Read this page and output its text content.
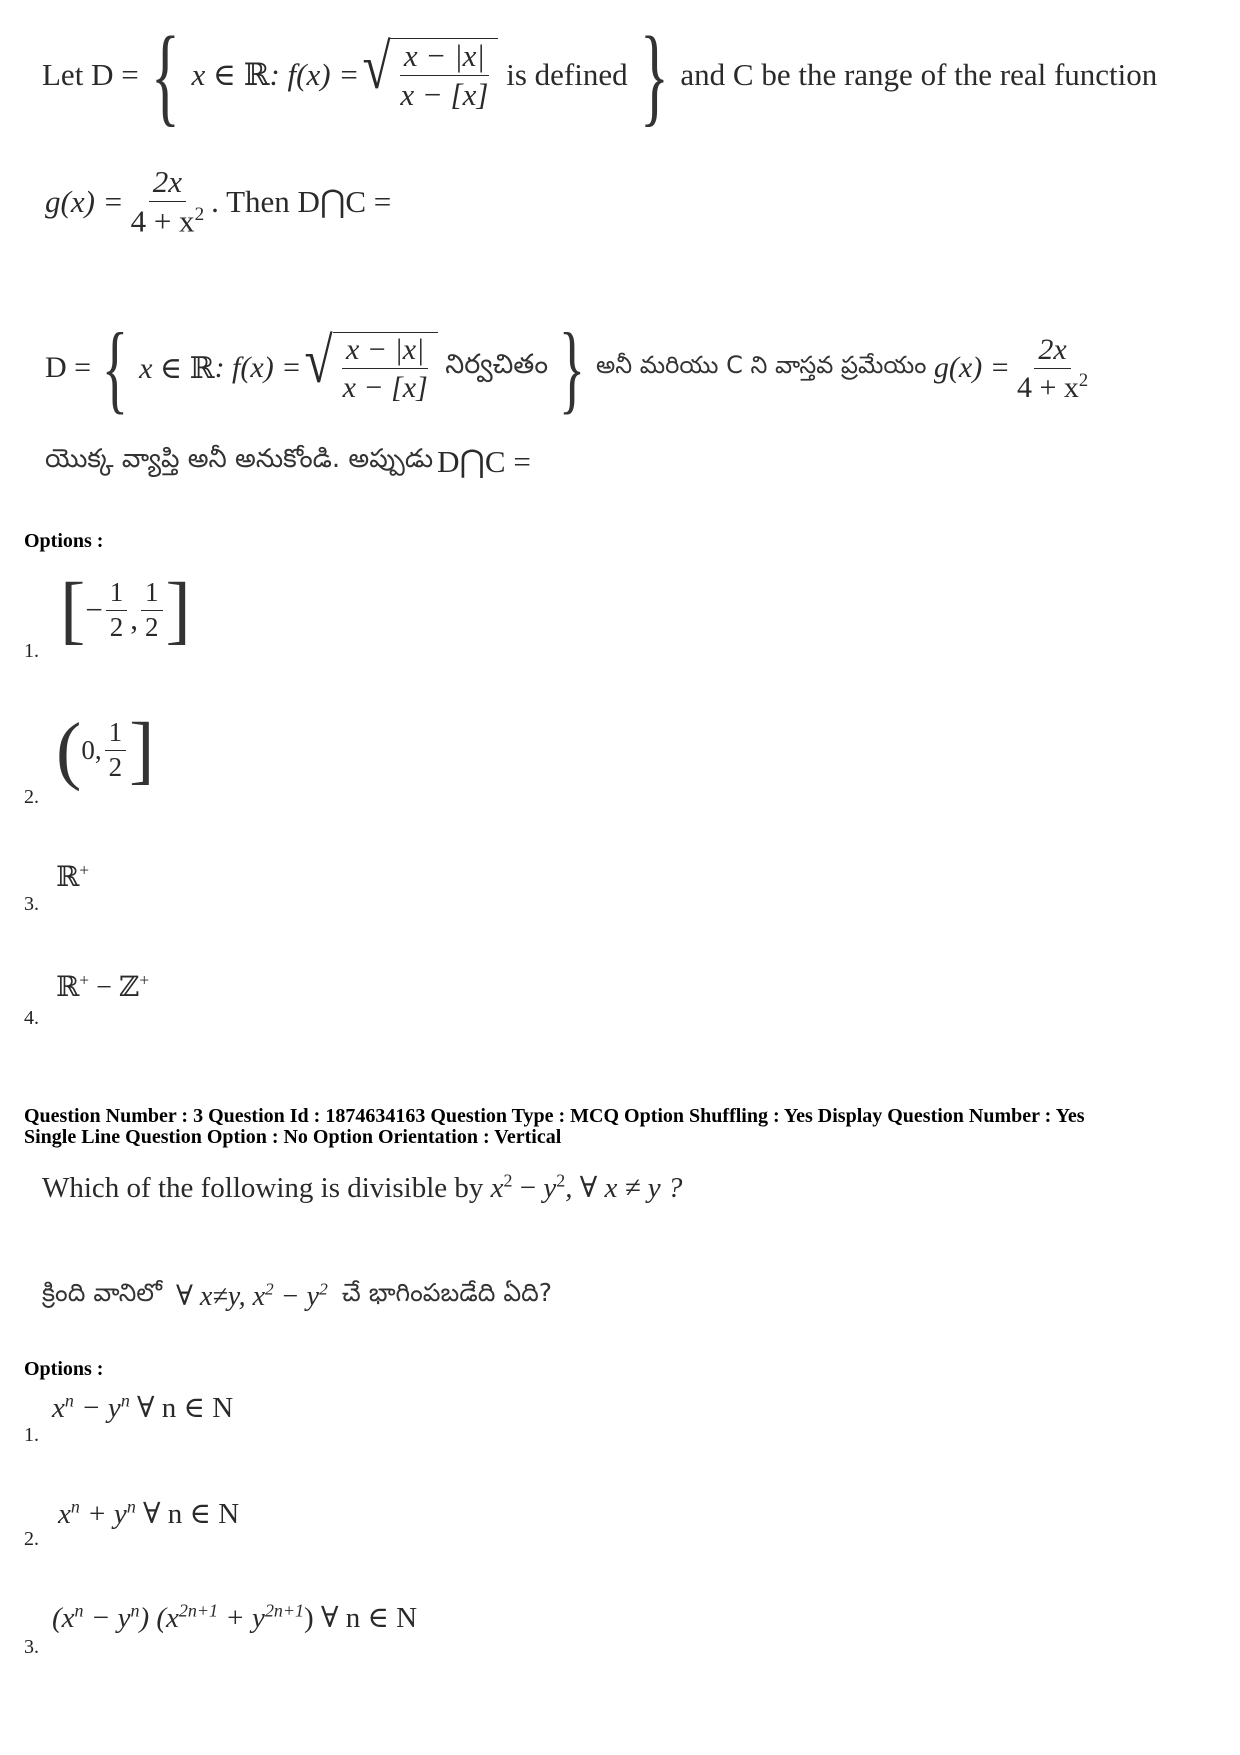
Let
D = { x ∈
ℝ : f(x) = √ $\frac{x - |x|}{x - [x]}$
is defined } and C be the range of the real function
$g(x) = \frac{2x}{4 + x^2}$ . Then D⋂C =
D = { x ∈
ℝ : f(x) = √ $\frac{x - |x|}{x - [x]}$
నిర్వచితం } అనీ మరియు C ని వాస్తవ ప్రమేయం
$g(x) = \frac{2x}{4 + x^2}$
యొక్క వ్యాప్తి అనీ అనుకోండి. అప్పుడు
D⋂C =
Options :
[ − $\frac{1}{2}$ , $\frac{1}{2}$ ]
1.
( 0, $\frac{1}{2}$ ]
2.
ℝ+
3.
ℝ+ − ℤ+
4.
Question Number : 3 Question Id : 1874634163 Question Type : MCQ Option Shuffling : Yes Display Question Number : Yes
Single Line Question Option : No Option Orientation : Vertical
Which of the following is divisible by $x^2 - y^2$, ∀ x ≠ y ?
క్రింది వానిలో ∀ x≠y, $x^2 - y^2$ చే భాగింపబడేది ఏది?
Options :
$x^n - y^n$ ∀ n ∈ N
1.
$x^n + y^n$ ∀ n ∈ N
2.
$(x^n - y^n) (x^{2n+1} + y^{2n+1})$ ∀ n ∈ N
3.
